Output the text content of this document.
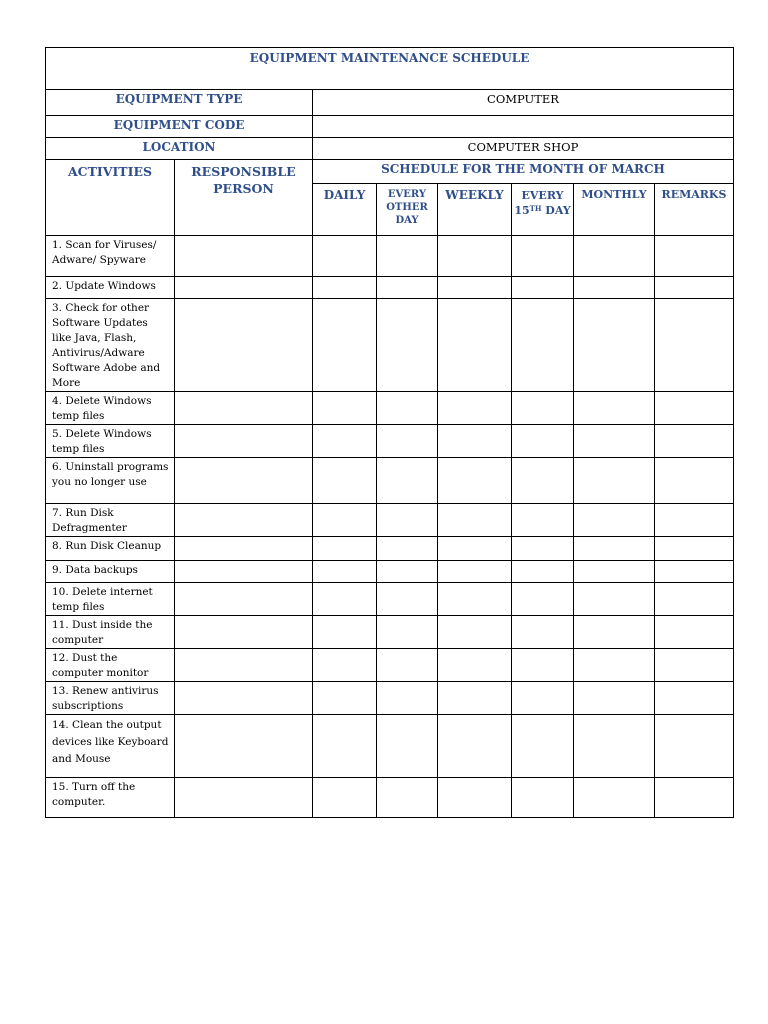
EQUIPMENT MAINTENANCE SCHEDULE							
EQUIPMENT TYPE		COMPUTER					
EQUIPMENT CODE							
LOCATION		COMPUTER SHOP					
ACTIVITIES	RESPONSIBLE PERSON	SCHEDULE FOR THE MONTH OF MARCH					
		DAILY	EVERY OTHER DAY	WEEKLY	EVERY 15TH DAY	MONTHLY	REMARKS
1. Scan for Viruses/ Adware/ Spyware							
2. Update Windows							
3. Check for other Software Updates like Java, Flash, Antivirus/Adware Software Adobe and More							
4. Delete Windows temp files							
5. Delete Windows temp files							
6. Uninstall programs you no longer use							
7. Run Disk Defragmenter							
8. Run Disk Cleanup							
9. Data backups							
10. Delete internet temp files							
11. Dust inside the computer							
12. Dust the computer monitor							
13. Renew antivirus subscriptions							
14. Clean the output devices like Keyboard and Mouse							
15. Turn off the computer.							
